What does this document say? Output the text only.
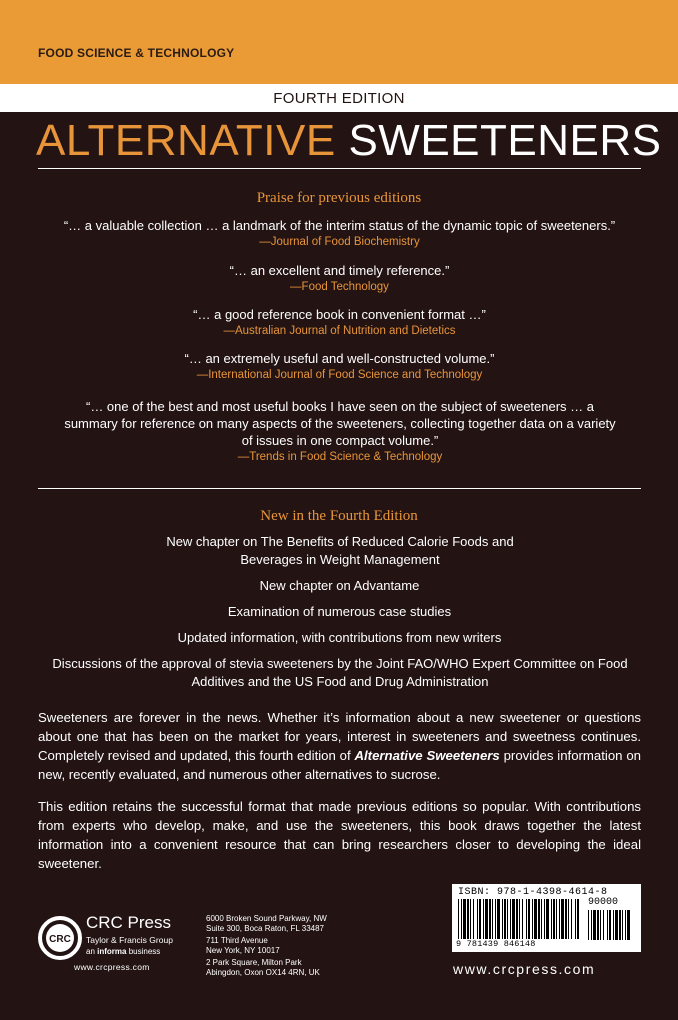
FOOD SCIENCE & TECHNOLOGY
FOURTH EDITION
ALTERNATIVE SWEETENERS
Praise for previous editions
“… a valuable collection … a landmark of the interim status of the dynamic topic of sweeteners.”
—Journal of Food Biochemistry
“… an excellent and timely reference.”
—Food Technology
“… a good reference book in convenient format …”
—Australian Journal of Nutrition and Dietetics
“… an extremely useful and well-constructed volume.”
—International Journal of Food Science and Technology
“… one of the best and most useful books I have seen on the subject of sweeteners … a summary for reference on many aspects of the sweeteners, collecting together data on a variety of issues in one compact volume.”
—Trends in Food Science & Technology
New in the Fourth Edition
New chapter on The Benefits of Reduced Calorie Foods and Beverages in Weight Management
New chapter on Advantame
Examination of numerous case studies
Updated information, with contributions from new writers
Discussions of the approval of stevia sweeteners by the Joint FAO/WHO Expert Committee on Food Additives and the US Food and Drug Administration
Sweeteners are forever in the news. Whether it’s information about a new sweetener or questions about one that has been on the market for years, interest in sweeteners and sweetness continues. Completely revised and updated, this fourth edition of Alternative Sweeteners provides information on new, recently evaluated, and numerous other alternatives to sucrose.
This edition retains the successful format that made previous editions so popular. With contributions from experts who develop, make, and use the sweeteners, this book draws together the latest information into a convenient resource that can bring researchers closer to developing the ideal sweetener.
CRC
CRC Press
Taylor & Francis Group
an informa business
www.crcpress.com
6000 Broken Sound Parkway, NW
Suite 300, Boca Raton, FL 33487
711 Third Avenue
New York, NY 10017
2 Park Square, Milton Park
Abingdon, Oxon OX14 4RN, UK
ISBN: 978-1-4398-4614-8
90000
9 781439 846148
www.crcpress.com
